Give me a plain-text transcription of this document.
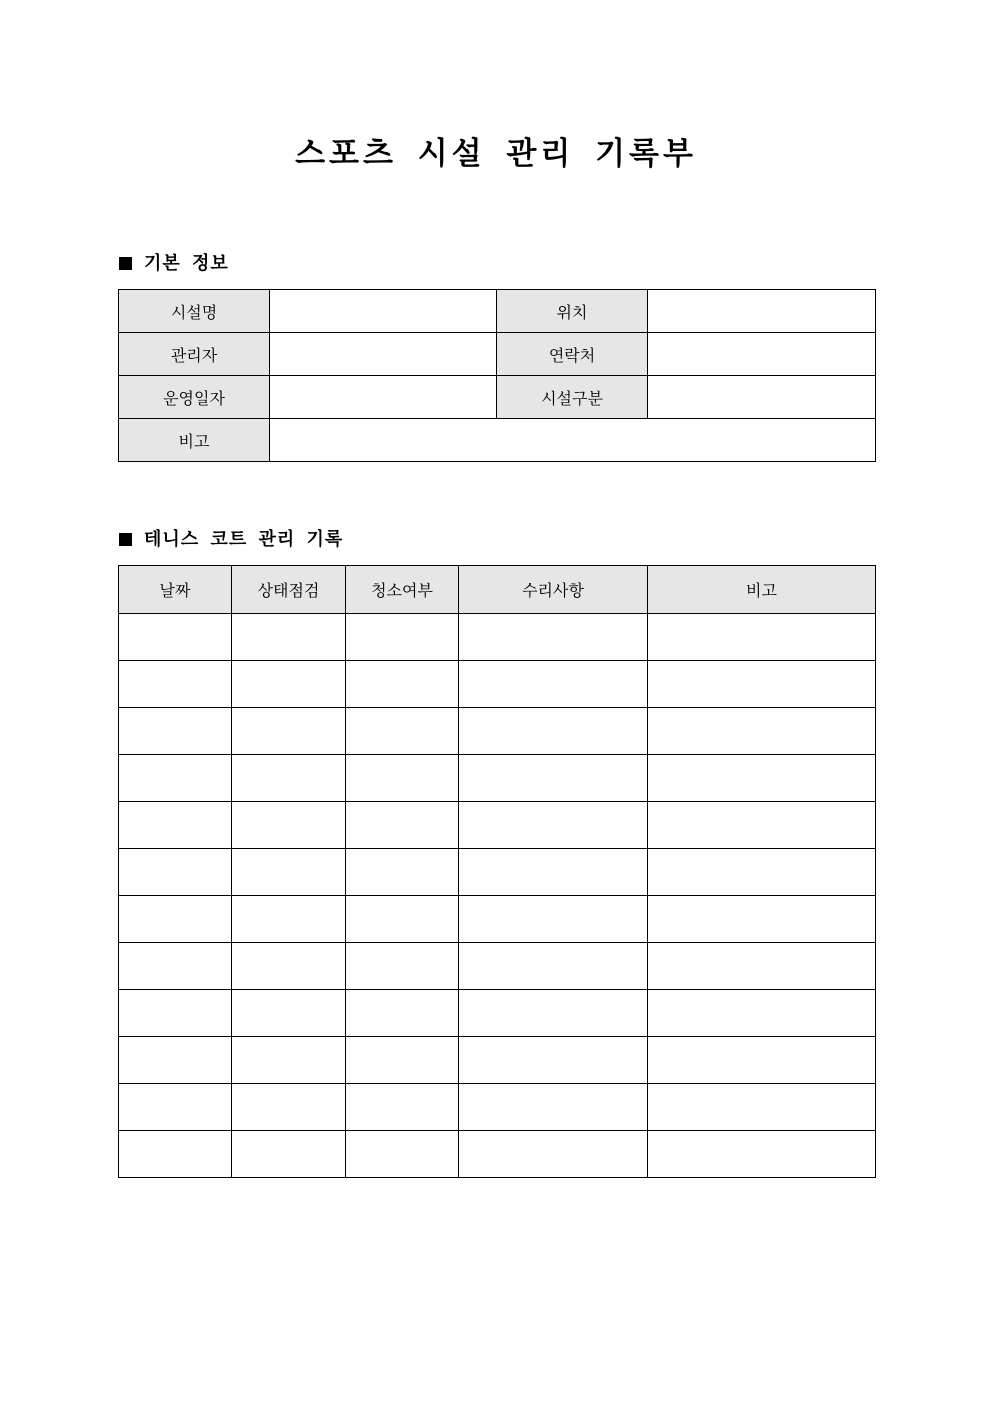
스포츠 시설 관리 기록부
기본 정보
시설명		위치	
관리자		연락처	
운영일자		시설구분	
비고			
테니스 코트 관리 기록
날짜	상태점검	청소여부	수리사항	비고
